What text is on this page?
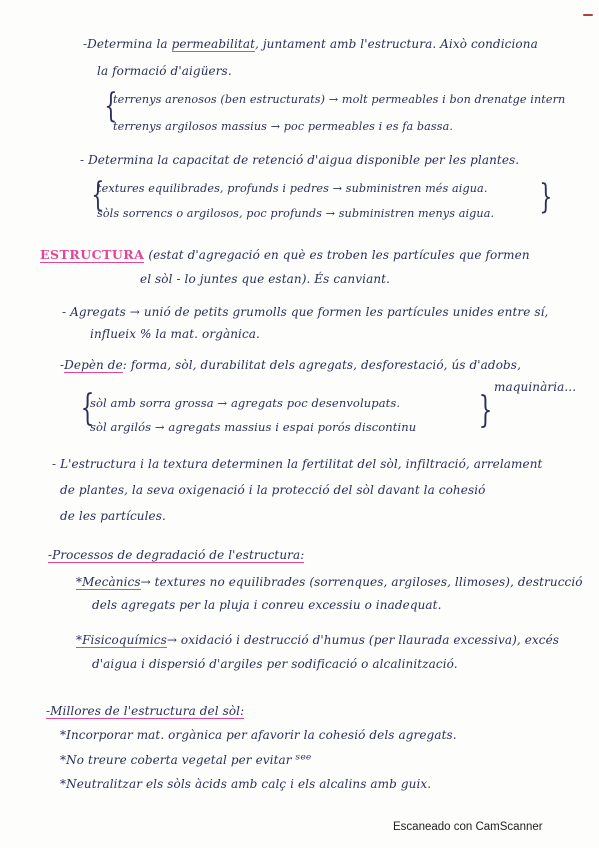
-Determina la permeabilitat, juntament amb l'estructura. Això condiciona
la formació d'aigüers.
{
terrenys arenosos (ben estructurats) → molt permeables i bon drenatge intern
terrenys argilosos massius → poc permeables i es fa bassa.
- Determina la capacitat de retenció d'aigua disponible per les plantes.
{
textures equilibrades, profunds i pedres → subministren més aigua.
sòls sorrencs o argilosos, poc profunds → subministren menys aigua. }
ESTRUCTURA (estat d'agregació en què es troben les partícules que formen
el sòl - lo juntes que estan). És canviant.
- Agregats → unió de petits grumolls que formen les partícules unides entre sí,
influeix % la mat. orgànica.
-Depèn de: forma, sòl, durabilitat dels agregats, desforestació, ús d'adobs,
maquinària...
{
sòl amb sorra grossa → agregats poc desenvolupats.
sòl argilós → agregats massius i espai porós discontinu }
- L'estructura i la textura determinen la fertilitat del sòl, infiltració, arrelament
de plantes, la seva oxigenació i la protecció del sòl davant la cohesió
de les partícules.
-Processos de degradació de l'estructura:
*Mecànics→ textures no equilibrades (sorrenques, argiloses, llimoses), destrucció
dels agregats per la pluja i conreu excessiu o inadequat.
*Fisicoquímics→ oxidació i destrucció d'humus (per llaurada excessiva), excés
d'aigua i dispersió d'argiles per sodificació o alcalinització.
-Millores de l'estructura del sòl:
*Incorporar mat. orgànica per afavorir la cohesió dels agregats.
*No treure coberta vegetal per evitar ˢᵉᵉ
*Neutralitzar els sòls àcids amb calç i els alcalins amb guix.
Escaneado con CamScanner
